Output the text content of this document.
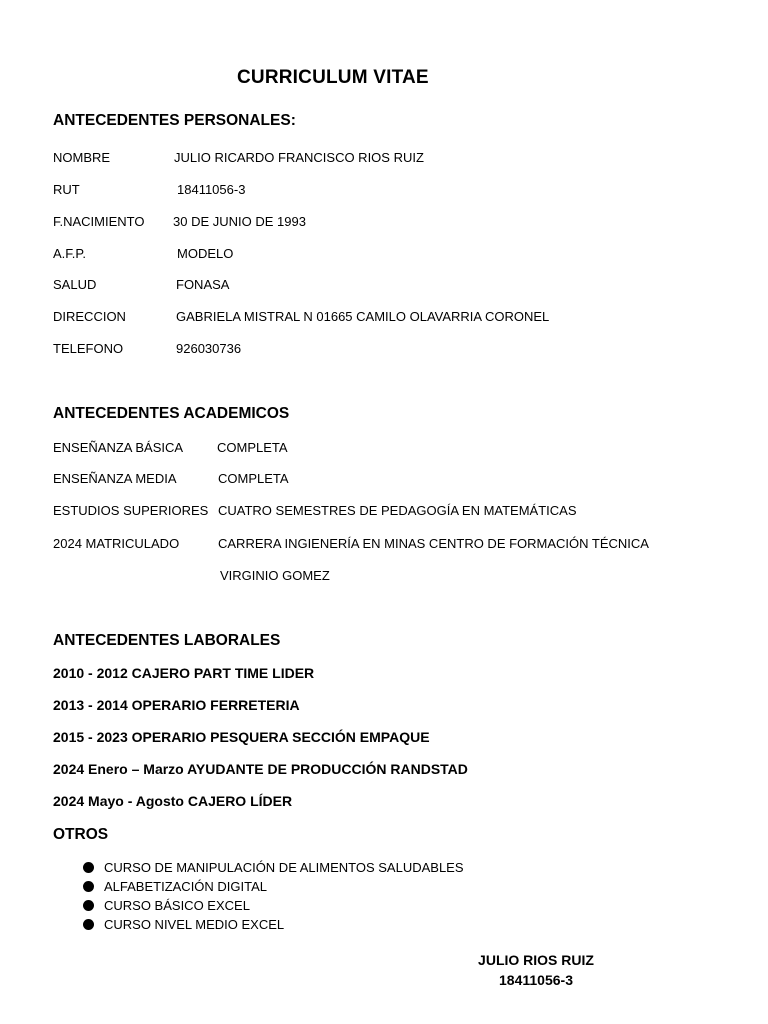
CURRICULUM VITAE
ANTECEDENTES PERSONALES:
NOMBRE	JULIO RICARDO FRANCISCO RIOS RUIZ
RUT	18411056-3
F.NACIMIENTO 30 DE JUNIO DE 1993
A.F.P.	MODELO
SALUD	FONASA
DIRECCION	GABRIELA MISTRAL N 01665 CAMILO OLAVARRIA CORONEL
TELEFONO	926030736
ANTECEDENTES ACADEMICOS
ENSEÑANZA BÁSICA	COMPLETA
ENSEÑANZA MEDIA	COMPLETA
ESTUDIOS SUPERIORES CUATRO SEMESTRES DE PEDAGOGÍA EN MATEMÁTICAS
2024 MATRICULADO	CARRERA INGIENERÍA EN MINAS CENTRO DE FORMACIÓN TÉCNICA
VIRGINIO GOMEZ
ANTECEDENTES LABORALES
2010 - 2012 CAJERO PART TIME LIDER
2013 - 2014 OPERARIO FERRETERIA
2015 - 2023 OPERARIO PESQUERA SECCIÓN EMPAQUE
2024 Enero – Marzo AYUDANTE DE PRODUCCIÓN RANDSTAD
2024 Mayo - Agosto CAJERO LÍDER
OTROS
CURSO DE MANIPULACIÓN DE ALIMENTOS SALUDABLES
ALFABETIZACIÓN DIGITAL
CURSO BÁSICO EXCEL
CURSO NIVEL MEDIO EXCEL
JULIO RIOS RUIZ
18411056-3
